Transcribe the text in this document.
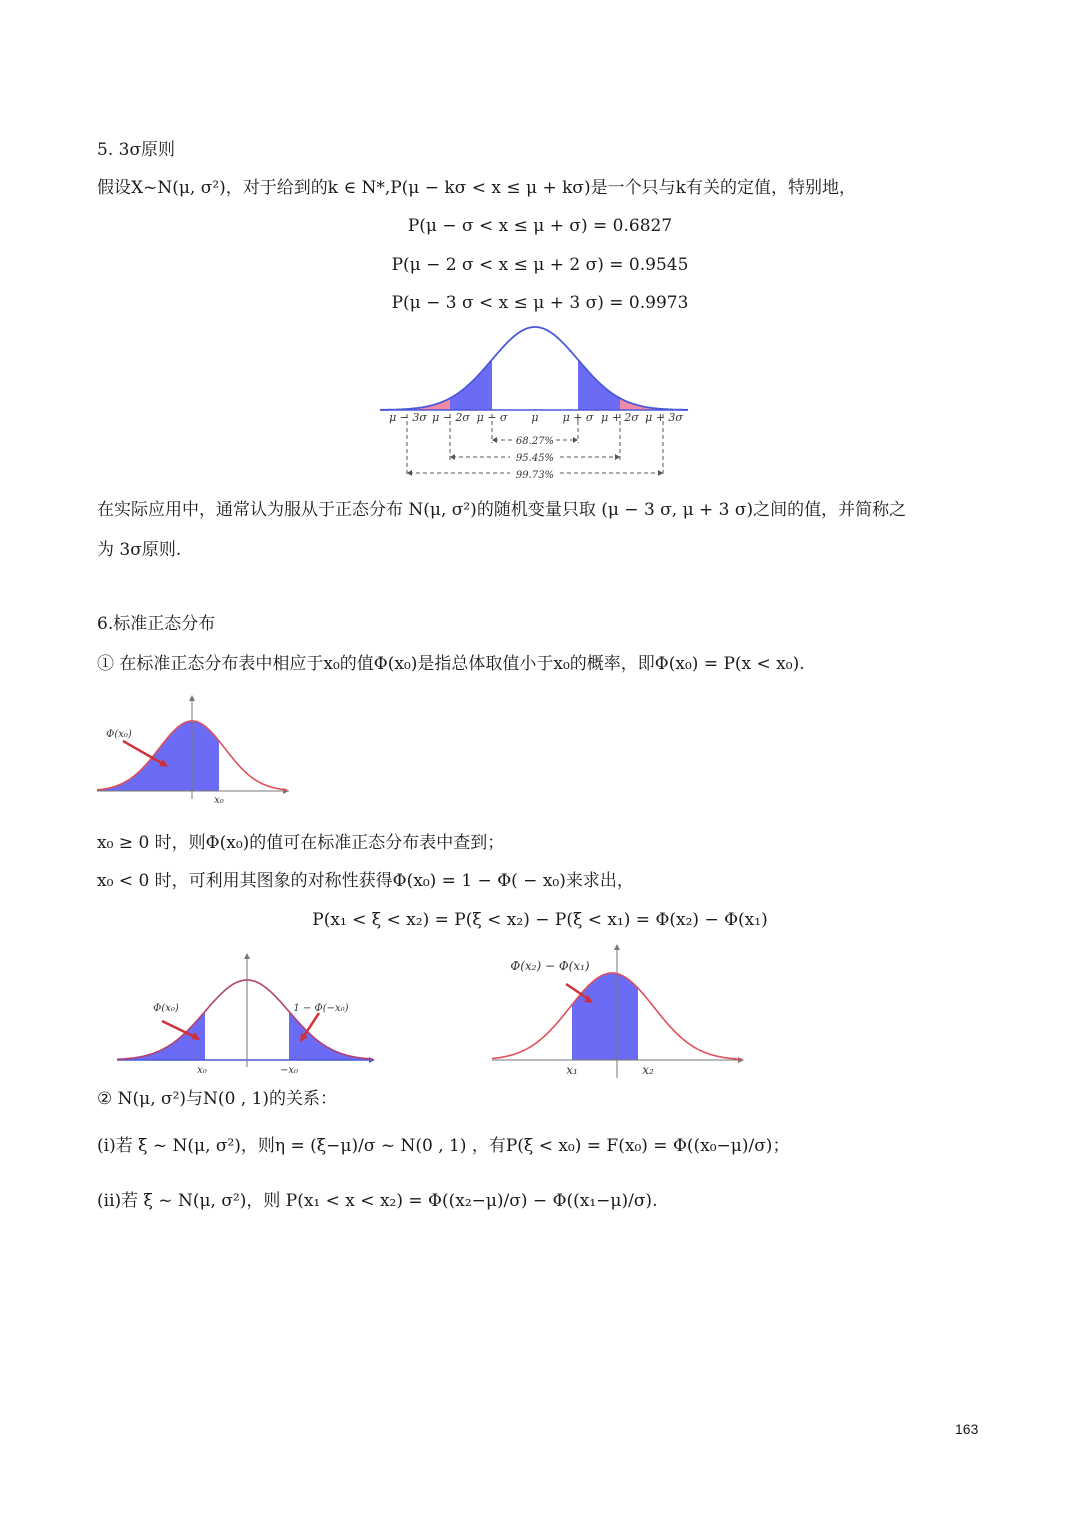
5. 3σ原则
假设X~N(μ, σ²)，对于给到的k ∈ N*,P(μ − kσ < x ≤ μ + kσ)是一个只与k有关的定值，特别地，
P(μ − σ < x ≤ μ + σ) = 0.6827
P(μ − 2 σ < x ≤ μ + 2 σ) = 0.9545
P(μ − 3 σ < x ≤ μ + 3 σ) = 0.9973
μ − 3σ μ − 2σ μ − σ μ μ + σ μ + 2σ μ + 3σ
68.27%
95.45%
99.73%
在实际应用中，通常认为服从于正态分布 N(μ, σ²)的随机变量只取 (μ − 3 σ, μ + 3 σ)之间的值，并简称之
为 3σ原则.
6.标准正态分布
① 在标准正态分布表中相应于x₀的值Φ(x₀)是指总体取值小于x₀的概率，即Φ(x₀) = P(x < x₀).
Φ(x₀)
x₀
x₀ ≥ 0 时，则Φ(x₀)的值可在标准正态分布表中查到；
x₀ < 0 时，可利用其图象的对称性获得Φ(x₀) = 1 − Φ( − x₀)来求出，
P(x₁ < ξ < x₂) = P(ξ < x₂) − P(ξ < x₁) = Φ(x₂) − Φ(x₁)
Φ(x₀)	1 − Φ(−x₀)
x₀	−x₀
Φ(x₂) − Φ(x₁)
x₁	x₂
② N(μ, σ²)与N(0 , 1)的关系：
(i)若 ξ ~ N(μ, σ²)，则η = (ξ−μ)/σ ~ N(0 , 1) ，有P(ξ < x₀) = F(x₀) = Φ((x₀−μ)/σ)；
(ii)若 ξ ~ N(μ, σ²)，则 P(x₁ < x < x₂) = Φ((x₂−μ)/σ) − Φ((x₁−μ)/σ).
163
